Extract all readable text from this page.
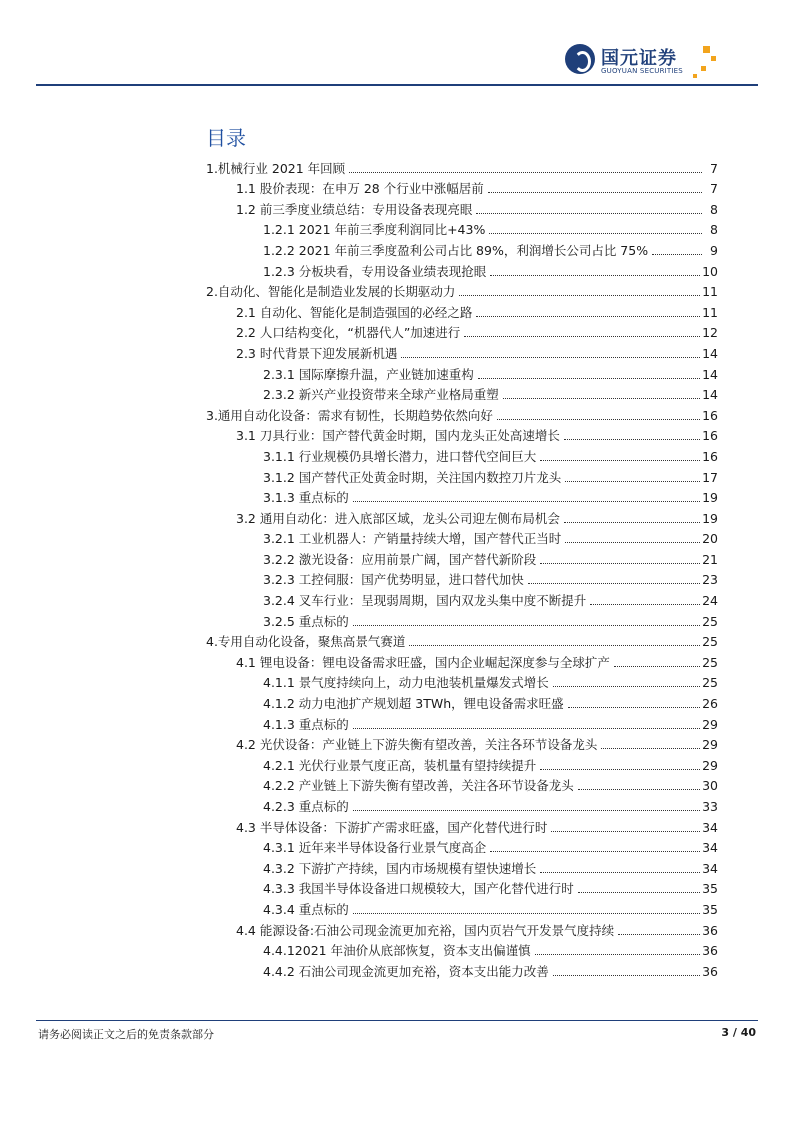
国元证券
GUOYUAN SECURITIES
目录
1.机械行业 2021 年回顾	7
1.1 股价表现：在申万 28 个行业中涨幅居前	7
1.2 前三季度业绩总结：专用设备表现亮眼	8
1.2.1 2021 年前三季度利润同比+43%	8
1.2.2 2021 年前三季度盈利公司占比 89%，利润增长公司占比 75%	9
1.2.3 分板块看，专用设备业绩表现抢眼	10
2.自动化、智能化是制造业发展的长期驱动力	11
2.1 自动化、智能化是制造强国的必经之路	11
2.2 人口结构变化，“机器代人”加速进行	12
2.3 时代背景下迎发展新机遇	14
2.3.1 国际摩擦升温，产业链加速重构	14
2.3.2 新兴产业投资带来全球产业格局重塑	14
3.通用自动化设备：需求有韧性，长期趋势依然向好	16
3.1 刀具行业：国产替代黄金时期，国内龙头正处高速增长	16
3.1.1 行业规模仍具增长潜力，进口替代空间巨大	16
3.1.2 国产替代正处黄金时期，关注国内数控刀片龙头	17
3.1.3 重点标的	19
3.2 通用自动化：进入底部区域，龙头公司迎左侧布局机会	19
3.2.1 工业机器人：产销量持续大增，国产替代正当时	20
3.2.2 激光设备：应用前景广阔，国产替代新阶段	21
3.2.3 工控伺服：国产优势明显，进口替代加快	23
3.2.4 叉车行业：呈现弱周期，国内双龙头集中度不断提升	24
3.2.5 重点标的	25
4.专用自动化设备，聚焦高景气赛道	25
4.1 锂电设备：锂电设备需求旺盛，国内企业崛起深度参与全球扩产	25
4.1.1 景气度持续向上，动力电池装机量爆发式增长	25
4.1.2 动力电池扩产规划超 3TWh，锂电设备需求旺盛	26
4.1.3 重点标的	29
4.2 光伏设备：产业链上下游失衡有望改善，关注各环节设备龙头	29
4.2.1 光伏行业景气度正高，装机量有望持续提升	29
4.2.2 产业链上下游失衡有望改善，关注各环节设备龙头	30
4.2.3 重点标的	33
4.3 半导体设备：下游扩产需求旺盛，国产化替代进行时	34
4.3.1 近年来半导体设备行业景气度高企	34
4.3.2 下游扩产持续，国内市场规模有望快速增长	34
4.3.3 我国半导体设备进口规模较大，国产化替代进行时	35
4.3.4 重点标的	35
4.4 能源设备:石油公司现金流更加充裕，国内页岩气开发景气度持续	36
4.4.12021 年油价从底部恢复，资本支出偏谨慎	36
4.4.2 石油公司现金流更加充裕，资本支出能力改善	36
请务必阅读正文之后的免责条款部分	3 / 40
